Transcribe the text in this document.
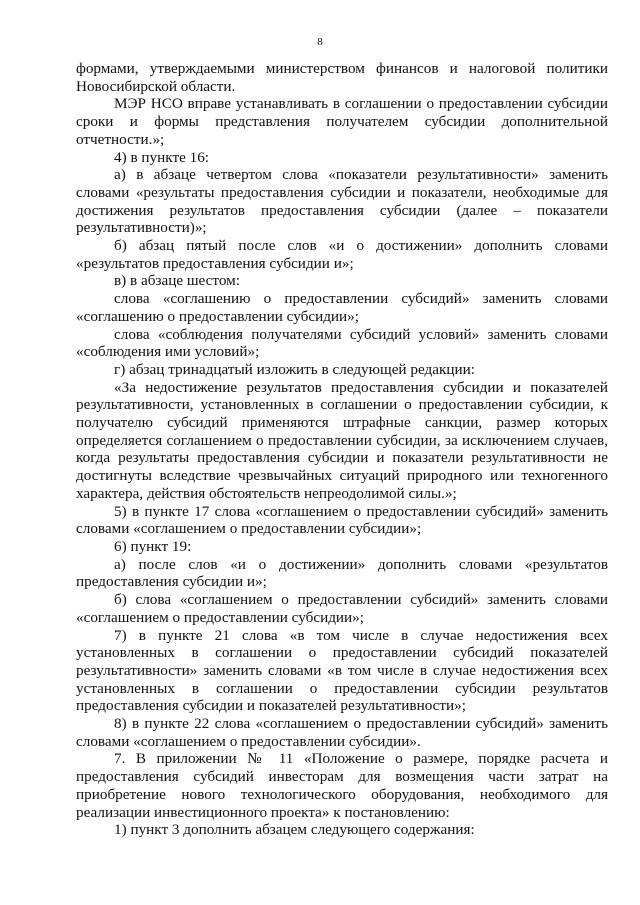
8

формами, утверждаемыми министерством финансов и налоговой политики Новосибирской области.

МЭР НСО вправе устанавливать в соглашении о предоставлении субсидии сроки и формы представления получателем субсидии дополнительной отчетности.»;

4) в пункте 16:

а) в абзаце четвертом слова «показатели результативности» заменить словами «результаты предоставления субсидии и показатели, необходимые для достижения результатов предоставления субсидии (далее – показатели результативности)»;

б) абзац пятый после слов «и о достижении» дополнить словами «результатов предоставления субсидии и»;

в) в абзаце шестом:

слова «соглашению о предоставлении субсидий» заменить словами «соглашению о предоставлении субсидии»;

слова «соблюдения получателями субсидий условий» заменить словами «соблюдения ими условий»;

г) абзац тринадцатый изложить в следующей редакции:

«За недостижение результатов предоставления субсидии и показателей результативности, установленных в соглашении о предоставлении субсидии, к получателю субсидий применяются штрафные санкции, размер которых определяется соглашением о предоставлении субсидии, за исключением случаев, когда результаты предоставления субсидии и показатели результативности не достигнуты вследствие чрезвычайных ситуаций природного или техногенного характера, действия обстоятельств непреодолимой силы.»;

5) в пункте 17 слова «соглашением о предоставлении субсидий» заменить словами «соглашением о предоставлении субсидии»;

6) пункт 19:

а) после слов «и о достижении» дополнить словами «результатов предоставления субсидии и»;

б) слова «соглашением о предоставлении субсидий» заменить словами «соглашением о предоставлении субсидии»;

7) в пункте 21 слова «в том числе в случае недостижения всех установленных в соглашении о предоставлении субсидий показателей результативности» заменить словами «в том числе в случае недостижения всех установленных в соглашении о предоставлении субсидии результатов предоставления субсидии и показателей результативности»;

8) в пункте 22 слова «соглашением о предоставлении субсидий» заменить словами «соглашением о предоставлении субсидии».

7. В приложении № 11 «Положение о размере, порядке расчета и предоставления субсидий инвесторам для возмещения части затрат на приобретение нового технологического оборудования, необходимого для реализации инвестиционного проекта» к постановлению:

1) пункт 3 дополнить абзацем следующего содержания:
